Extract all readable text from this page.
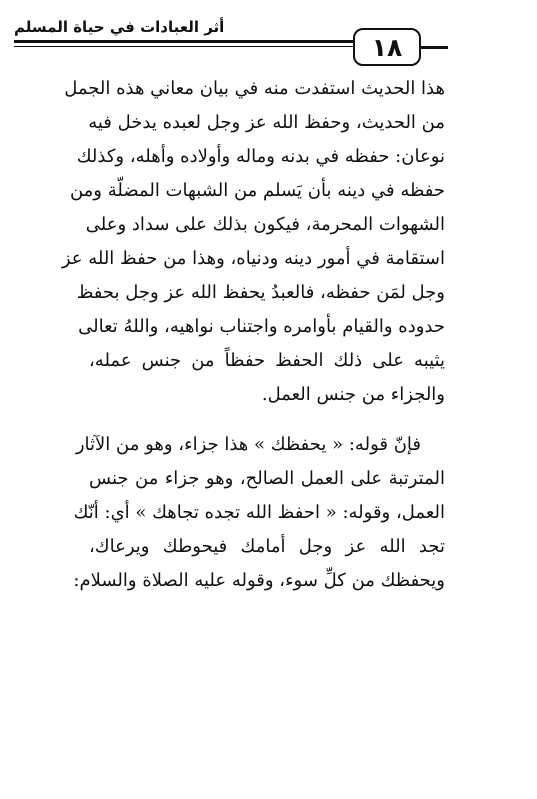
أثر العبادات في حياة المسلم
١٨
هذا الحديث استفدت منه في بيان معاني هذه الجمل
من الحديث، وحفظ الله عز وجل لعبده يدخل فيه
نوعان: حفظه في بدنه وماله وأولاده وأهله، وكذلك
حفظه في دينه بأن يَسلم من الشبهات المضلّة ومن
الشهوات المحرمة، فيكون بذلك على سداد وعلى
استقامة في أمور دينه ودنياه، وهذا من حفظ الله عز
وجل لمَن حفظه، فالعبدُ يحفظ الله عز وجل بحفظ
حدوده والقيام بأوامره واجتناب نواهيه، واللهُ تعالى
يثيبه على ذلك الحفظ حفظاً من جنس عمله،
والجزاء من جنس العمل.
فإنّ قوله: « يحفظك » هذا جزاء، وهو من الآثار
المترتبة على العمل الصالح، وهو جزاء من جنس
العمل، وقوله: « احفظ الله تجده تجاهك » أي: أنّك
تجد الله عز وجل أمامك فيحوطك ويرعاك،
ويحفظك من كلِّ سوء، وقوله عليه الصلاة والسلام:
